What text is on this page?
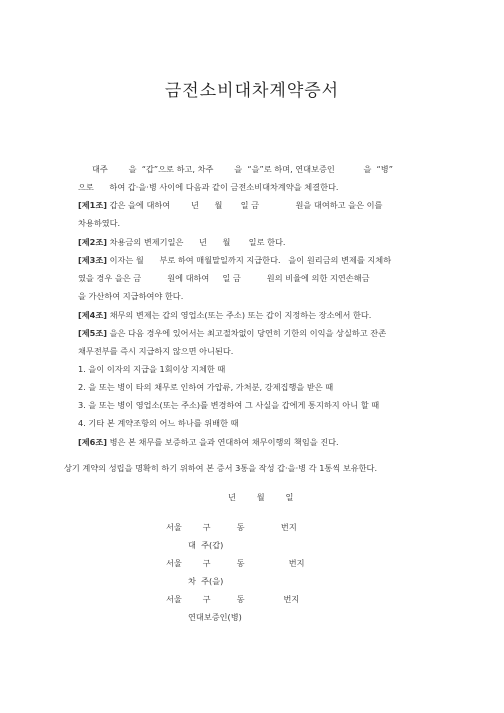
금전소비대차계약증서
대주        을  “갑”으로 하고, 차주        을  “을”로 하며, 연대보증인           을  “병”
으로      하여 갑·을·병 사이에 다음과 같이 금전소비대차계약을 체결한다.
[제1조] 갑은 을에 대하여        년      월       일 금              원을 대여하고 을은 이를
차용하였다.
[제2조] 차용금의 변제기일은      년      월       일로 한다.
[제3조] 이자는 월      부로 하여 매월말일까지 지급한다.   을이 원리금의 변제를 지체하
였을 경우 을은 금          원에 대하여     일 금          원의 비율에 의한 지연손해금
을 가산하여 지급하여야 한다.
[제4조] 채무의 변제는 갑의 영업소(또는 주소) 또는 갑이 지정하는 장소에서 한다.
[제5조] 을은 다음 경우에 있어서는 최고절차없이 당연히 기한의 이익을 상실하고 잔존
채무전부를 즉시 지급하지 않으면 아니된다.
1. 을이 이자의 지급을 1회이상 지체한 때
2. 을 또는 병이 타의 채무로 인하여 가압류, 가처분, 강제집행을 받은 때
3. 을 또는 병이 영업소(또는 주소)를 변경하여 그 사실을 갑에게 통지하지 아니 할 때
4. 기타 본 계약조항의 어느 하나를 위배한 때
[제6조] 병은 본 채무를 보증하고 을과 연대하여 채무이행의 책임을 진다.
상기 계약의 성립을 명확히 하기 위하여 본 증서 3통을 작성 갑·을·병 각 1통씩 보유한다.
년        월        일
서울        구          동              번지
대  주(갑)
서울        구          동                 번지
차  주(을)
서울        구          동               번지
연대보증인(병)
